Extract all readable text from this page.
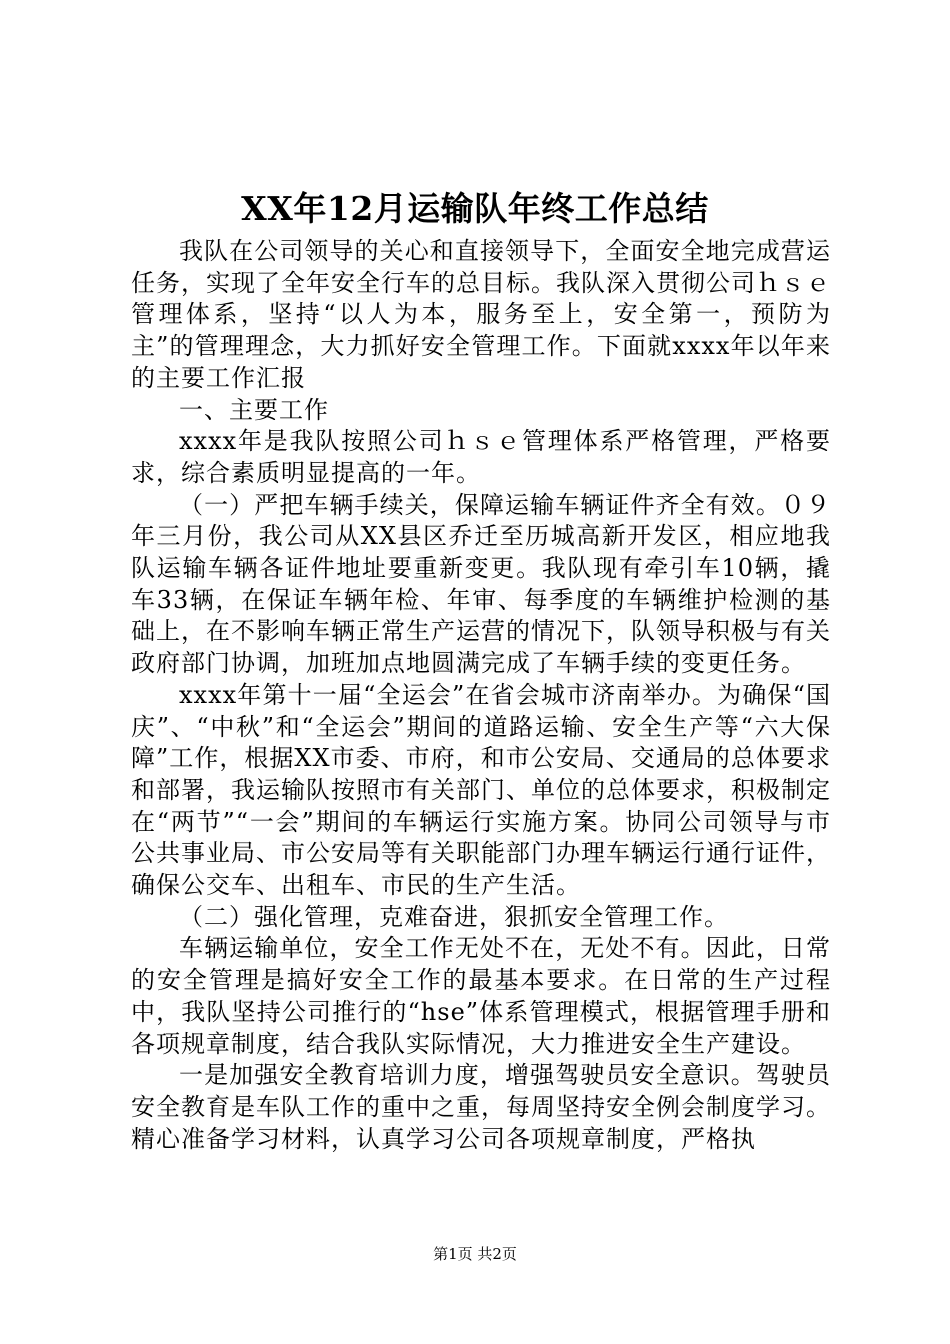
XX年12月运输队年终工作总结

我队在公司领导的关心和直接领导下，全面安全地完成营运任务，实现了全年安全行车的总目标。我队深入贯彻公司ｈｓｅ管理体系，坚持“以人为本，服务至上，安全第一，预防为主”的管理理念，大力抓好安全管理工作。下面就xxxx年以年来的主要工作汇报

一、主要工作

xxxx年是我队按照公司ｈｓｅ管理体系严格管理，严格要求，综合素质明显提高的一年。

（一）严把车辆手续关，保障运输车辆证件齐全有效。０９年三月份，我公司从XX县区乔迁至历城高新开发区，相应地我队运输车辆各证件地址要重新变更。我队现有牵引车10辆，撬车33辆，在保证车辆年检、年审、每季度的车辆维护检测的基础上，在不影响车辆正常生产运营的情况下，队领导积极与有关政府部门协调，加班加点地圆满完成了车辆手续的变更任务。

xxxx年第十一届“全运会”在省会城市济南举办。为确保“国庆”、“中秋”和“全运会”期间的道路运输、安全生产等“六大保障”工作，根据XX市委、市府，和市公安局、交通局的总体要求和部署，我运输队按照市有关部门、单位的总体要求，积极制定在“两节”“一会”期间的车辆运行实施方案。协同公司领导与市公共事业局、市公安局等有关职能部门办理车辆运行通行证件，确保公交车、出租车、市民的生产生活。

（二）强化管理，克难奋进，狠抓安全管理工作。

车辆运输单位，安全工作无处不在，无处不有。因此，日常的安全管理是搞好安全工作的最基本要求。在日常的生产过程中，我队坚持公司推行的“hse”体系管理模式，根据管理手册和各项规章制度，结合我队实际情况，大力推进安全生产建设。

一是加强安全教育培训力度，增强驾驶员安全意识。驾驶员安全教育是车队工作的重中之重，每周坚持安全例会制度学习。精心准备学习材料，认真学习公司各项规章制度，严格执

第1页 共2页
